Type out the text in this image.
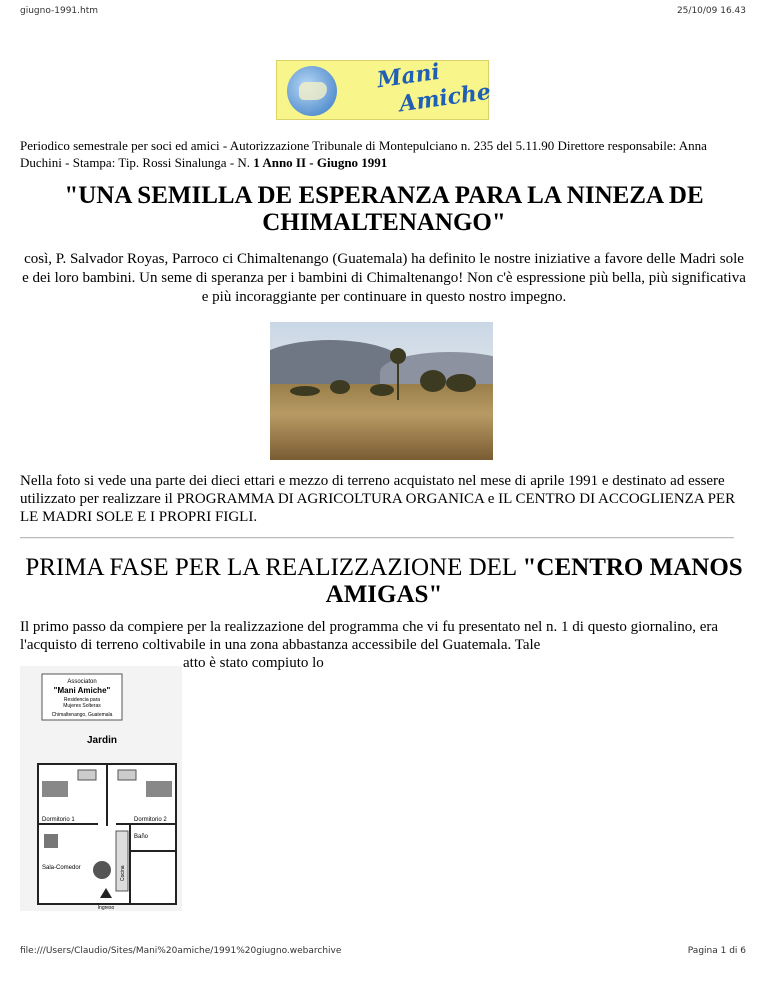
giugno-1991.htm	25/10/09 16.43
Mani
Amiche
Periodico semestrale per soci ed amici - Autorizzazione Tribunale di Montepulciano n. 235 del 5.11.90 Direttore responsabile: Anna Duchini - Stampa: Tip. Rossi Sinalunga - N. 1 Anno II - Giugno 1991
"UNA SEMILLA DE ESPERANZA PARA LA NINEZA DE CHIMALTENANGO"
così, P. Salvador Royas, Parroco ci Chimaltenango (Guatemala) ha definito le nostre iniziative a favore delle Madri sole e dei loro bambini. Un seme di speranza per i bambini di Chimaltenango! Non c'è espressione più bella, più significativa e più incoraggiante per continuare in questo nostro impegno.
Nella foto si vede una parte dei dieci ettari e mezzo di terreno acquistato nel mese di aprile 1991 e destinato ad essere utilizzato per realizzare il PROGRAMMA DI AGRICOLTURA ORGANICA e IL CENTRO DI ACCOGLIENZA PER LE MADRI SOLE E I PROPRI FIGLI.
PRIMA FASE PER LA REALIZZAZIONE DEL "CENTRO MANOS AMIGAS"
Il primo passo da compiere per la realizzazione del programma che vi fu presentato nel n. 1 di questo giornalino, era l'acquisto di terreno coltivabile in una zona abbastanza accessibile del Guatemala. Tale
atto è stato compiuto lo
Associaton
"Mani Amiche"
Residencia para
Mujeres Solteras
Chimaltenango, Guatemala
Jardin
Dormitorio 1	Dormitorio 2
Baño
Cocina
Sala-Comedor
Ingreso
file:///Users/Claudio/Sites/Mani%20amiche/1991%20giugno.webarchive	Pagina 1 di 6
